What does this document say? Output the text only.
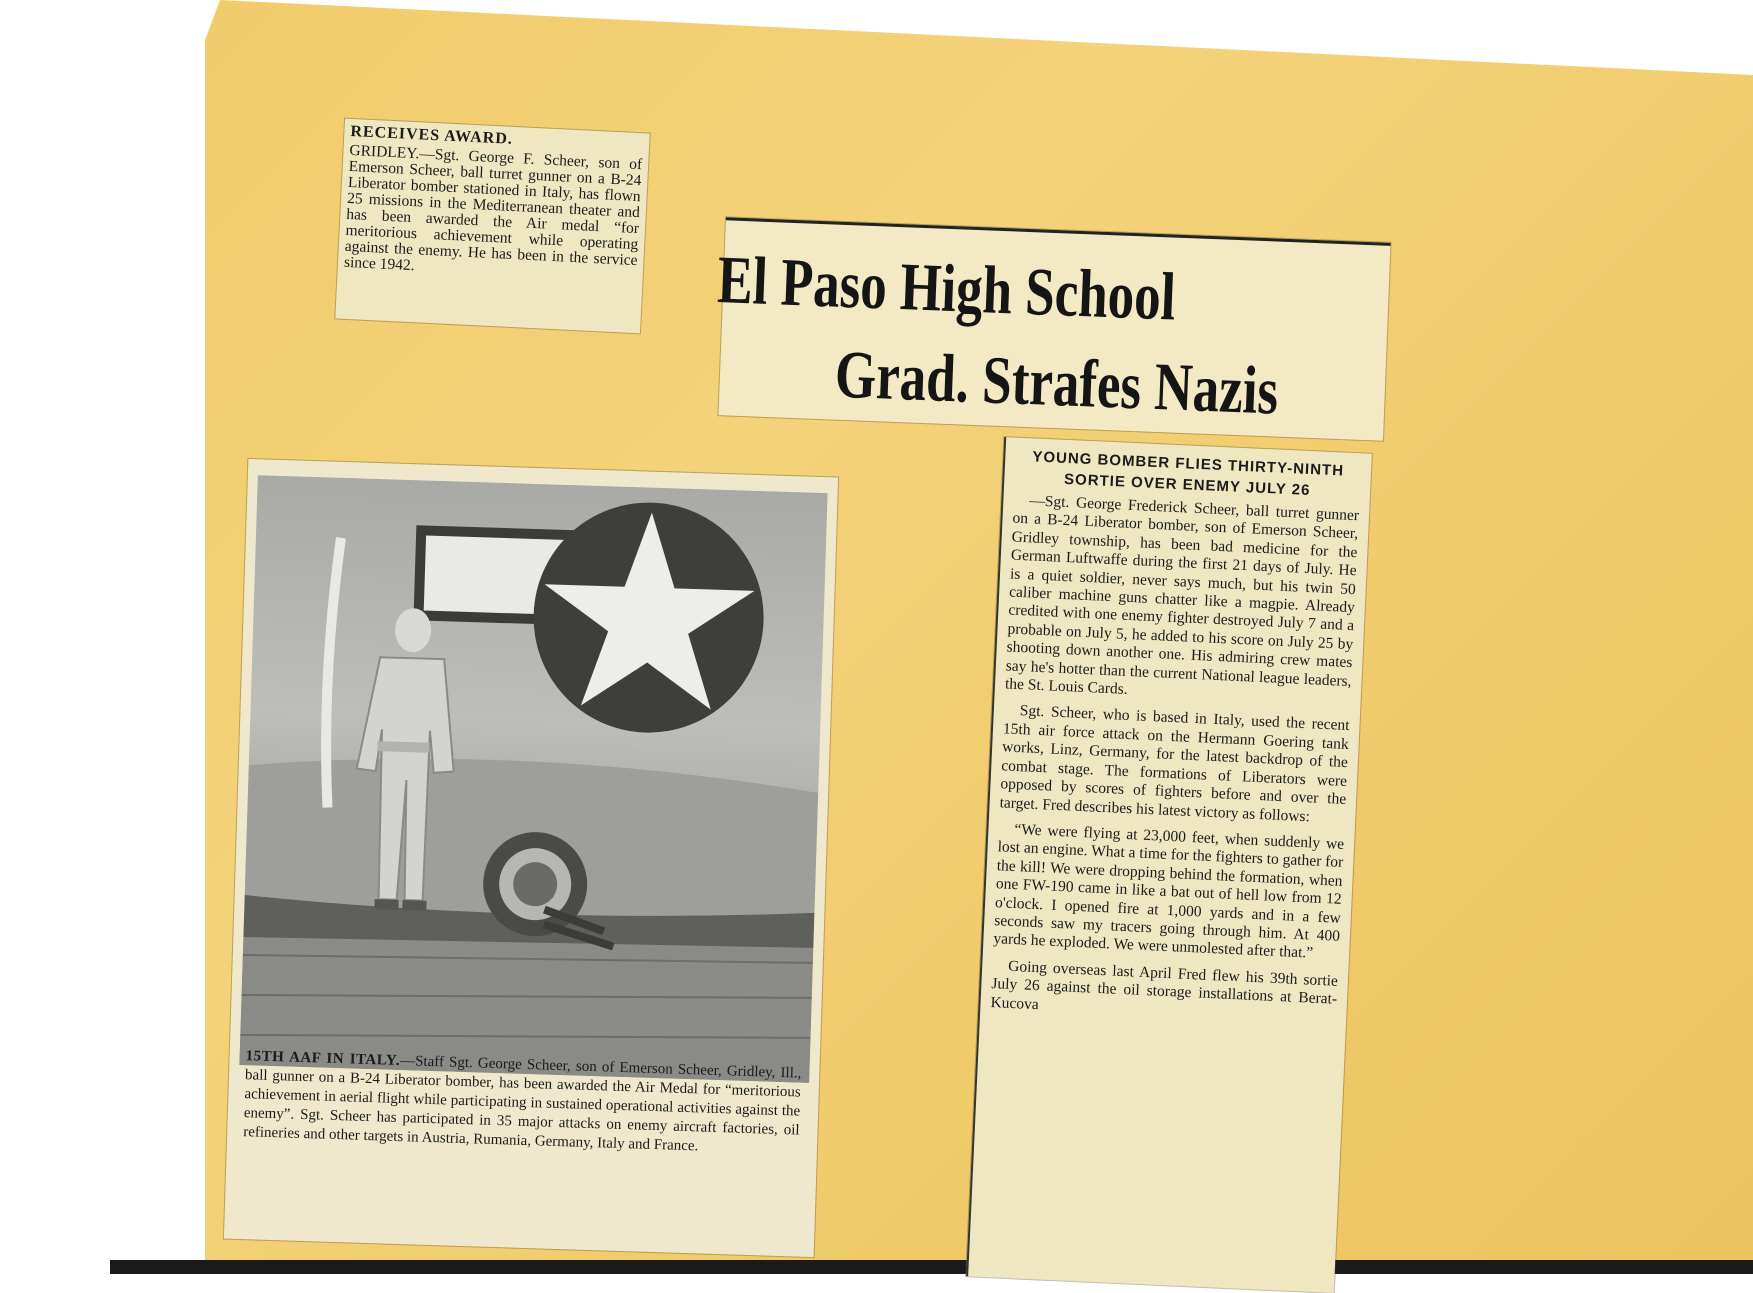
RECEIVES AWARD.

GRIDLEY.—Sgt. George F. Scheer, son of Emerson Scheer, ball turret gunner on a B-24 Liberator bomber stationed in Italy, has flown 25 missions in the Mediterranean theater and has been awarded the Air medal “for meritorious achievement while operating against the enemy. He has been in the service since 1942.	El Paso High School
Grad. Strafes Nazis

YOUNG BOMBER FLIES THIRTY-NINTH SORTIE OVER ENEMY JULY 26

—Sgt. George Frederick Scheer, ball turret gunner on a B-24 Liberator bomber, son of Emerson Scheer, Gridley township, has been bad medicine for the German Luftwaffe during the first 21 days of July. He is a quiet soldier, never says much, but his twin 50 caliber machine guns chatter like a magpie. Already credited with one enemy fighter destroyed July 7 and a probable on July 5, he added to his score on July 25 by shooting down another one. His admiring crew mates say he's hotter than the current National league leaders, the St. Louis Cards.

Sgt. Scheer, who is based in Italy, used the recent 15th air force attack on the Hermann Goering tank works, Linz, Germany, for the latest backdrop of the combat stage. The formations of Liberators were opposed by scores of fighters before and over the target. Fred describes his latest victory as follows:

“We were flying at 23,000 feet, when suddenly we lost an engine. What a time for the fighters to gather for the kill! We were dropping behind the formation, when one FW-190 came in like a bat out of hell low from 12 o'clock. I opened fire at 1,000 yards and in a few seconds saw my tracers going through him. At 400 yards he exploded. We were unmolested after that.”

Going overseas last April Fred flew his 39th sortie July 26 against the oil storage installations at Berat-Kucova

15TH AAF IN ITALY.—Staff Sgt. George Scheer, son of Emerson Scheer, Gridley, Ill., ball gunner on a B-24 Liberator bomber, has been awarded the Air Medal for “meritorious achievement in aerial flight while participating in sustained operational activities against the enemy”. Sgt. Scheer has participated in 35 major attacks on enemy aircraft factories, oil refineries and other targets in Austria, Rumania, Germany, Italy and France.
